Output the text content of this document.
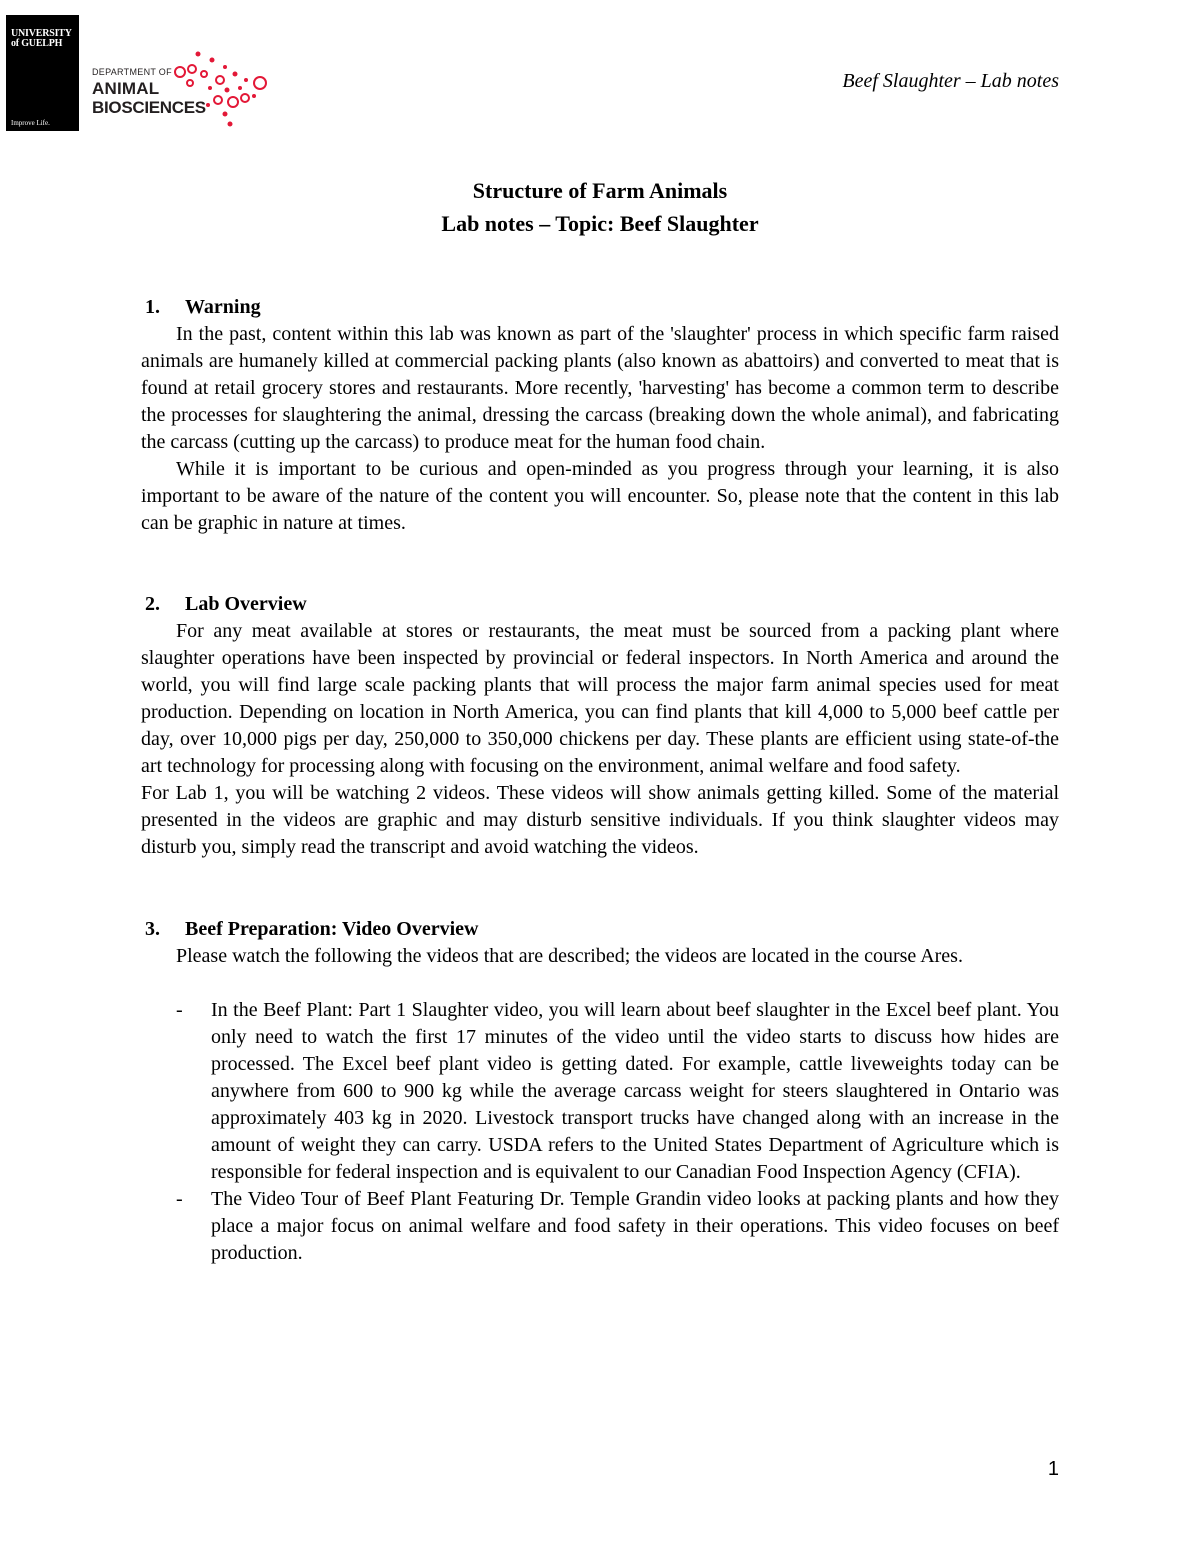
UNIVERSITY
of GUELPH
Improve Life.
DEPARTMENT OF
ANIMAL
BIOSCIENCES
Beef Slaughter – Lab notes
Structure of Farm Animals
Lab notes – Topic: Beef Slaughter
1. Warning
In the past, content within this lab was known as part of the 'slaughter' process in which specific farm raised animals are humanely killed at commercial packing plants (also known as abattoirs) and converted to meat that is found at retail grocery stores and restaurants. More recently, 'harvesting' has become a common term to describe the processes for slaughtering the animal, dressing the carcass (breaking down the whole animal), and fabricating the carcass (cutting up the carcass) to produce meat for the human food chain.
While it is important to be curious and open-minded as you progress through your learning, it is also important to be aware of the nature of the content you will encounter. So, please note that the content in this lab can be graphic in nature at times.
2. Lab Overview
For any meat available at stores or restaurants, the meat must be sourced from a packing plant where slaughter operations have been inspected by provincial or federal inspectors. In North America and around the world, you will find large scale packing plants that will process the major farm animal species used for meat production. Depending on location in North America, you can find plants that kill 4,000 to 5,000 beef cattle per day, over 10,000 pigs per day, 250,000 to 350,000 chickens per day. These plants are efficient using state-of-the art technology for processing along with focusing on the environment, animal welfare and food safety.
For Lab 1, you will be watching 2 videos. These videos will show animals getting killed. Some of the material presented in the videos are graphic and may disturb sensitive individuals. If you think slaughter videos may disturb you, simply read the transcript and avoid watching the videos.
3. Beef Preparation: Video Overview
Please watch the following the videos that are described; the videos are located in the course Ares.
- In the Beef Plant: Part 1 Slaughter video, you will learn about beef slaughter in the Excel beef plant. You only need to watch the first 17 minutes of the video until the video starts to discuss how hides are processed. The Excel beef plant video is getting dated. For example, cattle liveweights today can be anywhere from 600 to 900 kg while the average carcass weight for steers slaughtered in Ontario was approximately 403 kg in 2020. Livestock transport trucks have changed along with an increase in the amount of weight they can carry. USDA refers to the United States Department of Agriculture which is responsible for federal inspection and is equivalent to our Canadian Food Inspection Agency (CFIA).
- The Video Tour of Beef Plant Featuring Dr. Temple Grandin video looks at packing plants and how they place a major focus on animal welfare and food safety in their operations. This video focuses on beef production.
1
